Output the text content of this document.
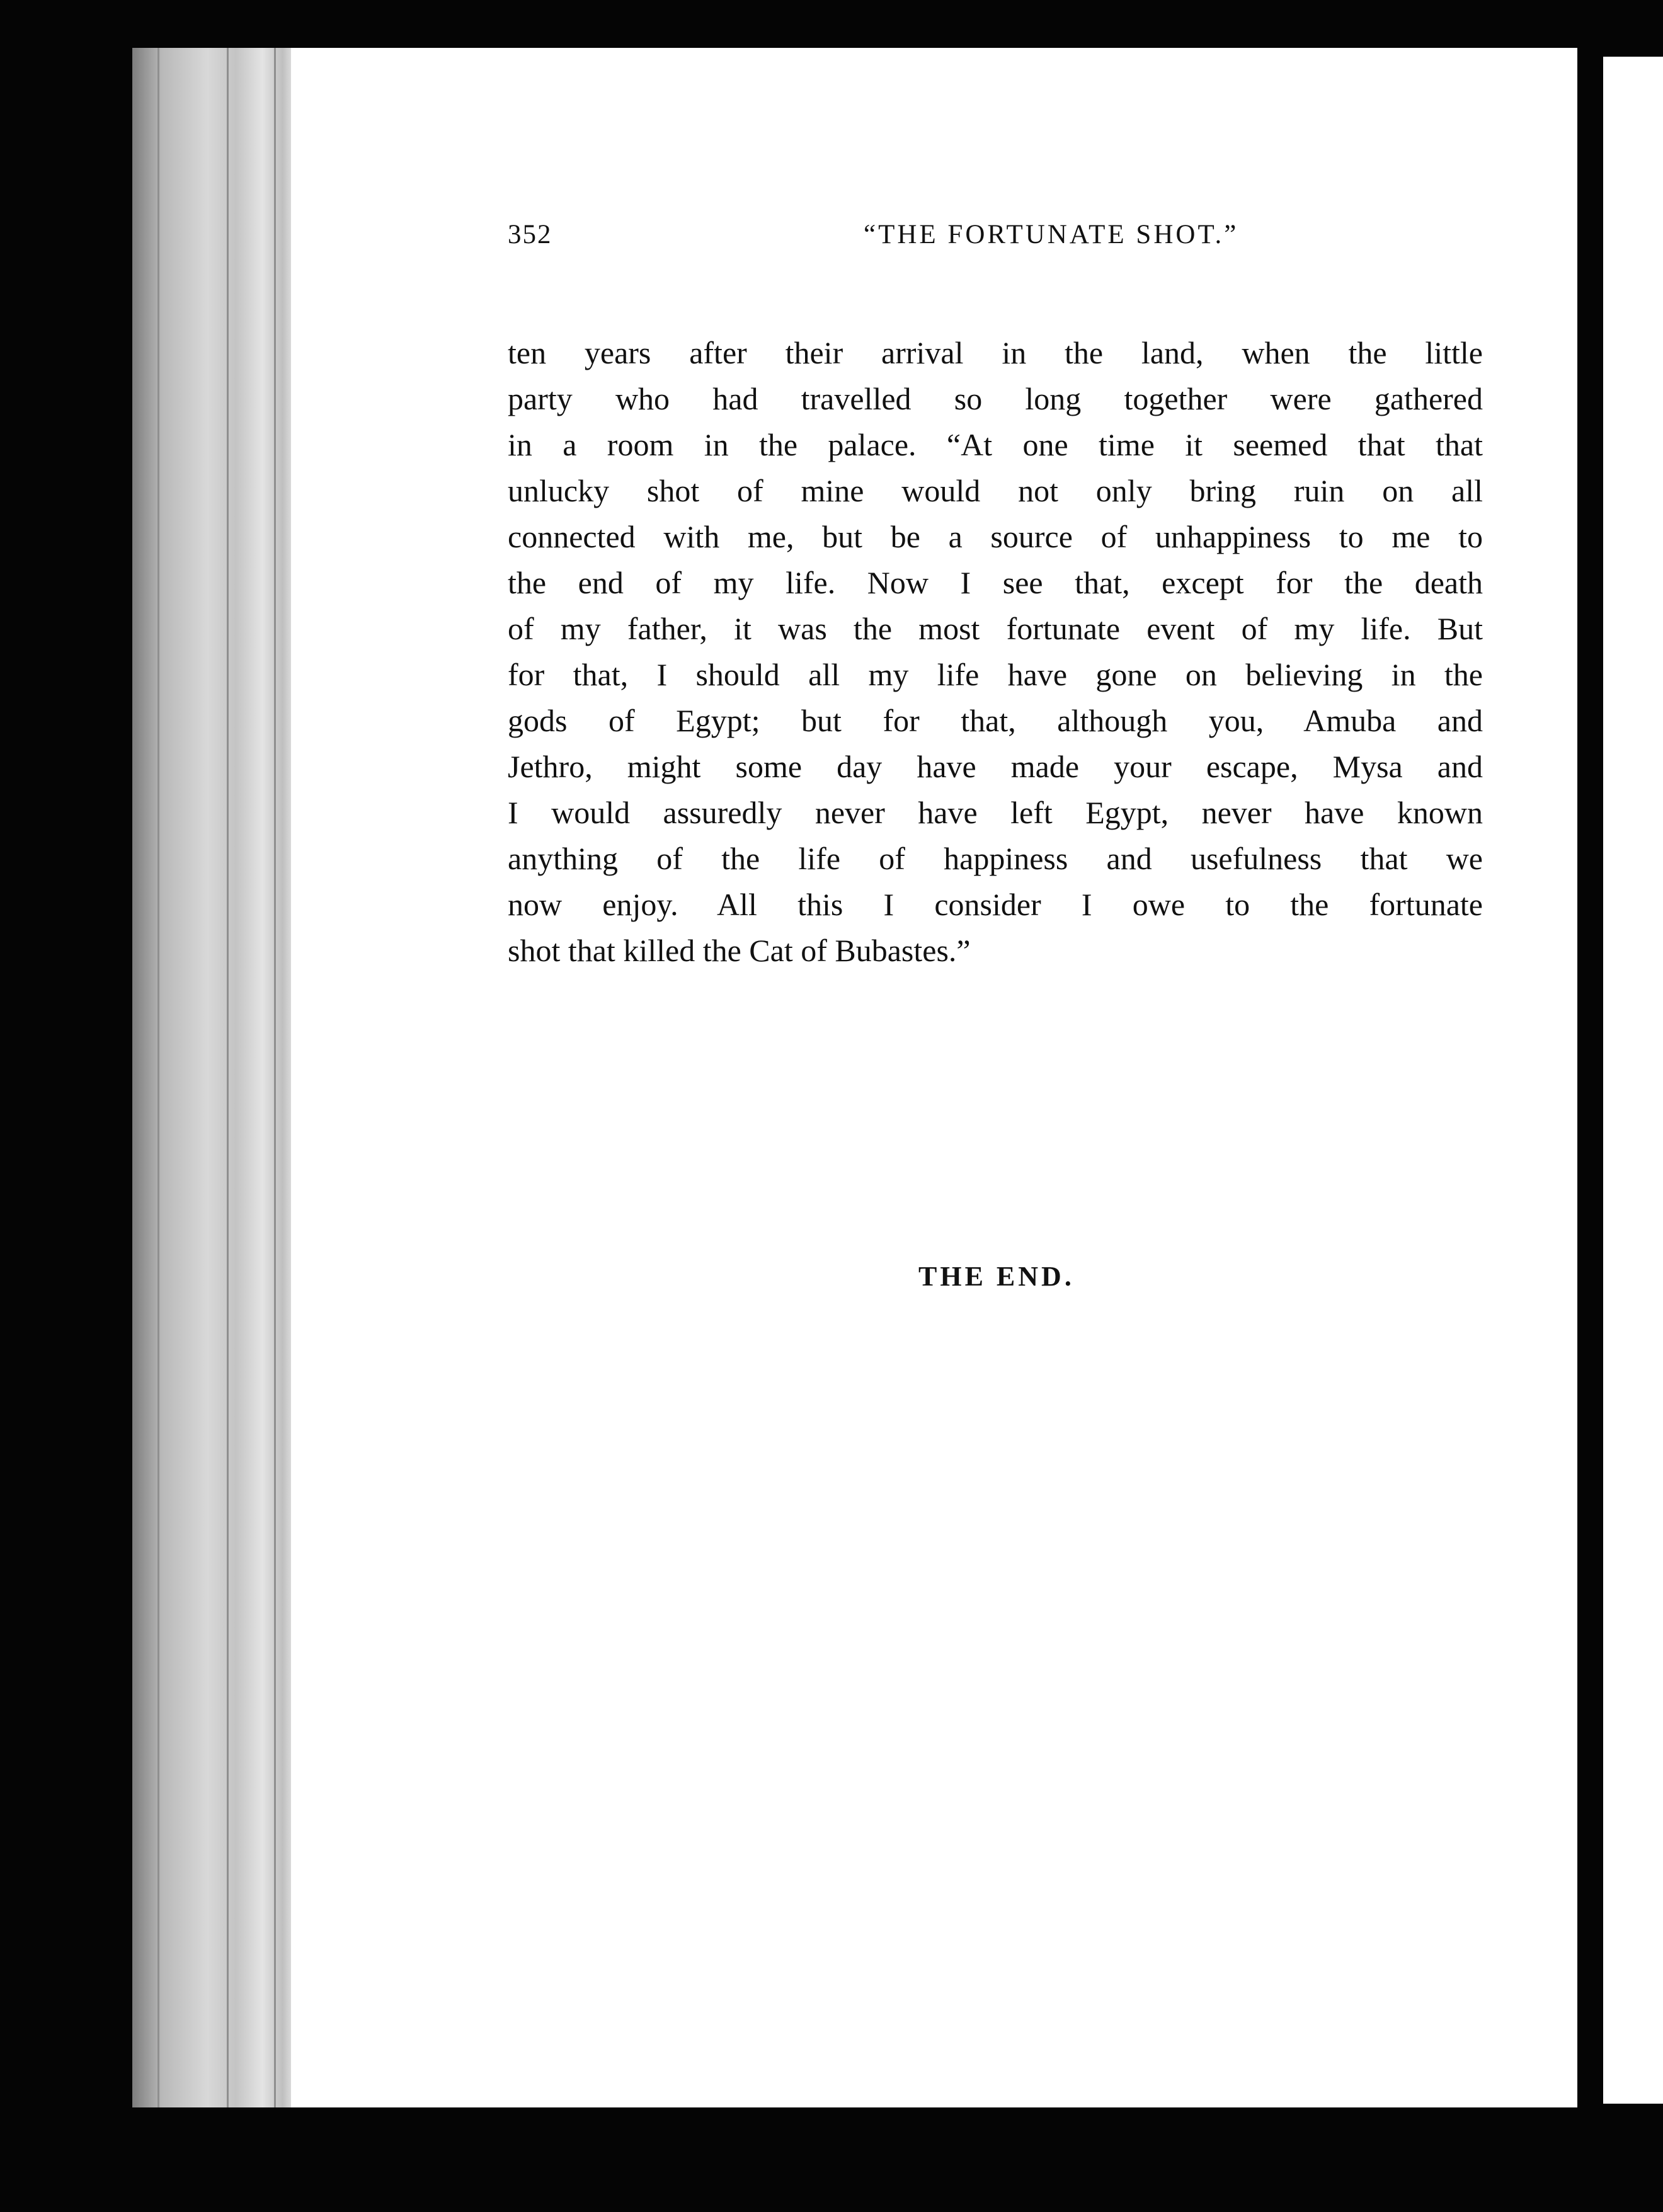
352	“THE FORTUNATE SHOT.”
ten years after their arrival in the land, when the little
party who had travelled so long together were gathered
in a room in the palace. “At one time it seemed that that
unlucky shot of mine would not only bring ruin on all
connected with me, but be a source of unhappiness to me to
the end of my life. Now I see that, except for the death
of my father, it was the most fortunate event of my life. But
for that, I should all my life have gone on believing in the
gods of Egypt; but for that, although you, Amuba and
Jethro, might some day have made your escape, Mysa and
I would assuredly never have left Egypt, never have known
anything of the life of happiness and usefulness that we
now enjoy. All this I consider I owe to the fortunate
shot that killed the Cat of Bubastes.”
THE END.
